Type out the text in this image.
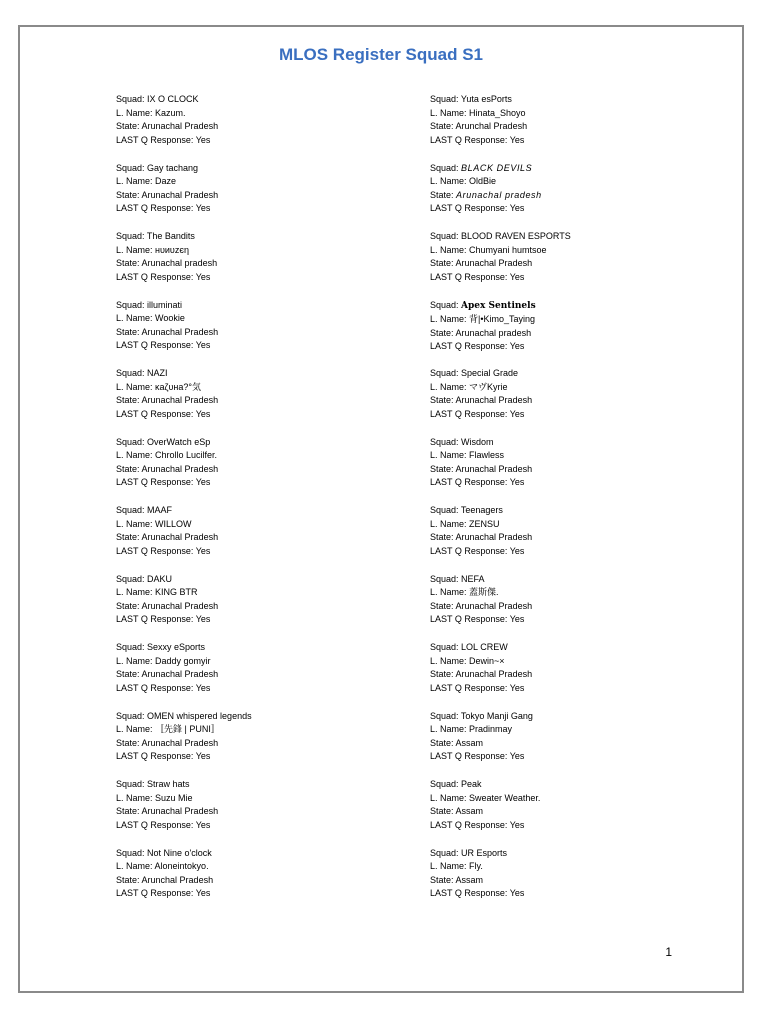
MLOS Register Squad S1
Squad: IX O CLOCK
L. Name: Kazum.
State: Arunachal Pradesh
LAST Q Response: Yes
Squad: Gay tachang
L. Name: Daze
State: Arunachal Pradesh
LAST Q Response: Yes
Squad: The Bandits
L. Name: нυиυzєη
State: Arunachal pradesh
LAST Q Response: Yes
Squad: illuminati
L. Name: Wookie
State: Arunachal Pradesh
LAST Q Response: Yes
Squad: NAZI
L. Name: κaζυнa?°気
State: Arunachal Pradesh
LAST Q Response: Yes
Squad: OverWatch eSp
L. Name: Chrollo Lucilfer.
State: Arunachal Pradesh
LAST Q Response: Yes
Squad: MAAF
L. Name: WILLOW
State: Arunachal Pradesh
LAST Q Response: Yes
Squad: DAKU
L. Name: KING BTR
State: Arunachal Pradesh
LAST Q Response: Yes
Squad: Sexxy eSports
L. Name: Daddy gomyir
State: Arunachal Pradesh
LAST Q Response: Yes
Squad: OMEN whispered legends
L. Name: 〚先鋒 | PUNI〛
State: Arunachal Pradesh
LAST Q Response: Yes
Squad: Straw hats
L. Name: Suzu Mie
State: Arunachal Pradesh
LAST Q Response: Yes
Squad: Not Nine o'clock
L. Name: Aloneintokyo.
State: Arunchal Pradesh
LAST Q Response: Yes
Squad: Yuta esPorts
L. Name: Hinata_Shoyo
State: Arunchal Pradesh
LAST Q Response: Yes
Squad: BLACK DEVILS
L. Name: OldBie
State: Arunachal pradesh
LAST Q Response: Yes
Squad: BLOOD RAVEN ESPORTS
L. Name: Chumyani humtsoe
State: Arunachal Pradesh
LAST Q Response: Yes
Squad: Apex Sentinels
L. Name: 背|•Kimo_Taying
State: Arunachal pradesh
LAST Q Response: Yes
Squad: Special Grade
L. Name: マヴKyrie
State: Arunachal Pradesh
LAST Q Response: Yes
Squad: Wisdom
L. Name: Flawless
State: Arunachal Pradesh
LAST Q Response: Yes
Squad: Teenagers
L. Name: ZENSU
State: Arunachal Pradesh
LAST Q Response: Yes
Squad: NEFA
L. Name: 蓋斯傑.
State: Arunachal Pradesh
LAST Q Response: Yes
Squad: LOL CREW
L. Name: Dewin~×
State: Arunachal Pradesh
LAST Q Response: Yes
Squad: Tokyo Manji Gang
L. Name: Pradinmay
State: Assam
LAST Q Response: Yes
Squad: Peak
L. Name: Sweater Weather.
State: Assam
LAST Q Response: Yes
Squad: UR Esports
L. Name: Fly.
State: Assam
LAST Q Response: Yes
1
